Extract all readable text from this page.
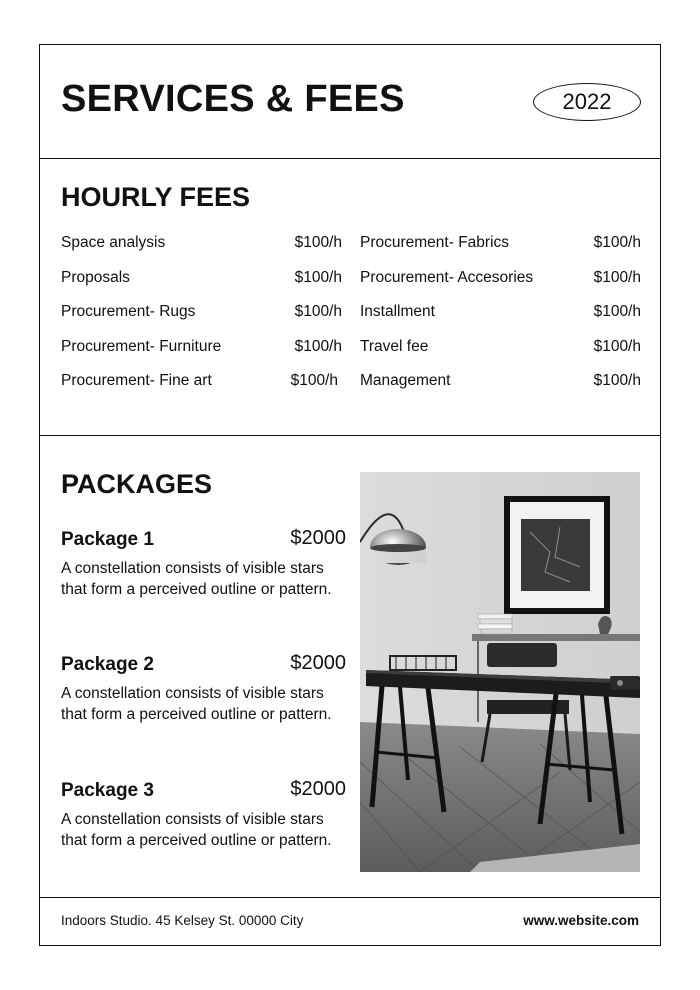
SERVICES & FEES	2022
HOURLY FEES
Space analysis	$100/h
Proposals	$100/h
Procurement- Rugs	$100/h
Procurement- Furniture	$100/h
Procurement- Fine art	$100/h
Procurement- Fabrics	$100/h
Procurement- Accesories	$100/h
Installment	$100/h
Travel fee	$100/h
Management	$100/h
PACKAGES
Package 1	$2000
A constellation consists of visible stars that form a perceived outline or pattern.
Package 2	$2000
A constellation consists of visible stars that form a perceived outline or pattern.
Package 3	$2000
A constellation consists of visible stars that form a perceived outline or pattern.
Indoors Studio. 45 Kelsey St. 00000 City	www.website.com
